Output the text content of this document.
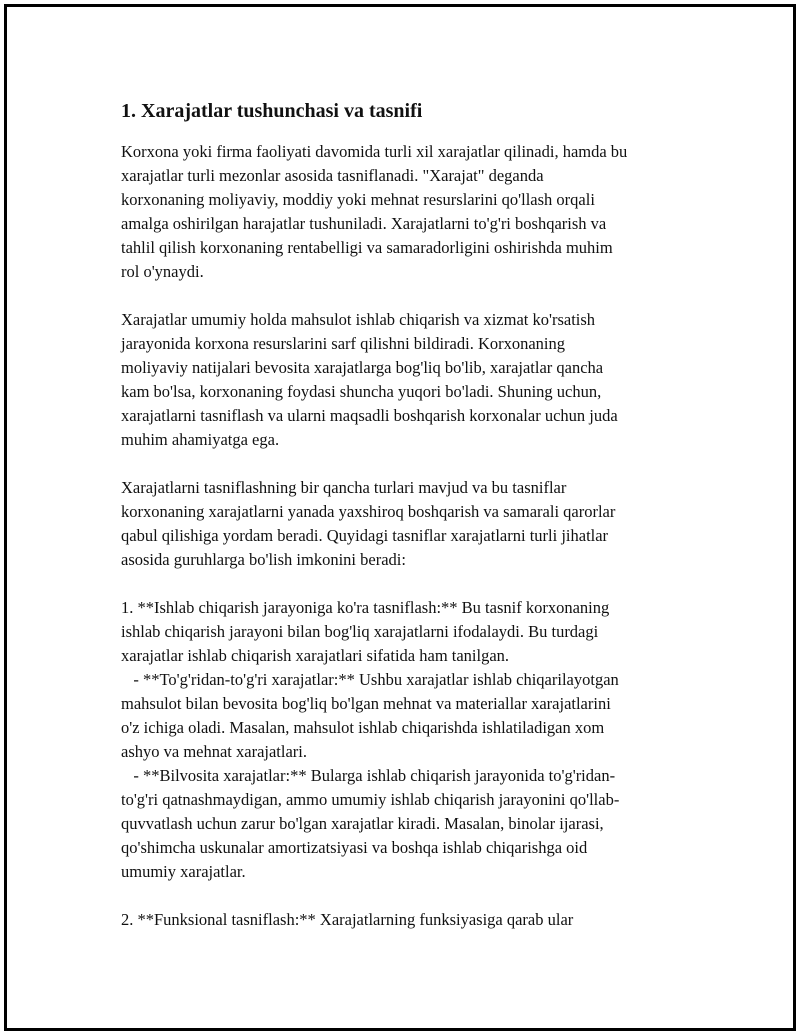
1. Xarajatlar tushunchasi va tasnifi

Korxona yoki firma faoliyati davomida turli xil xarajatlar qilinadi, hamda bu
xarajatlar turli mezonlar asosida tasniflanadi. "Xarajat" deganda
korxonaning moliyaviy, moddiy yoki mehnat resurslarini qo'llash orqali
amalga oshirilgan harajatlar tushuniladi. Xarajatlarni to'g'ri boshqarish va
tahlil qilish korxonaning rentabelligi va samaradorligini oshirishda muhim
rol o'ynaydi.

Xarajatlar umumiy holda mahsulot ishlab chiqarish va xizmat ko'rsatish
jarayonida korxona resurslarini sarf qilishni bildiradi. Korxonaning
moliyaviy natijalari bevosita xarajatlarga bog'liq bo'lib, xarajatlar qancha
kam bo'lsa, korxonaning foydasi shuncha yuqori bo'ladi. Shuning uchun,
xarajatlarni tasniflash va ularni maqsadli boshqarish korxonalar uchun juda
muhim ahamiyatga ega.

Xarajatlarni tasniflashning bir qancha turlari mavjud va bu tasniflar
korxonaning xarajatlarni yanada yaxshiroq boshqarish va samarali qarorlar
qabul qilishiga yordam beradi. Quyidagi tasniflar xarajatlarni turli jihatlar
asosida guruhlarga bo'lish imkonini beradi:

1. **Ishlab chiqarish jarayoniga ko'ra tasniflash:** Bu tasnif korxonaning
ishlab chiqarish jarayoni bilan bog'liq xarajatlarni ifodalaydi. Bu turdagi
xarajatlar ishlab chiqarish xarajatlari sifatida ham tanilgan.
- **To'g'ridan-to'g'ri xarajatlar:** Ushbu xarajatlar ishlab chiqarilayotgan
mahsulot bilan bevosita bog'liq bo'lgan mehnat va materiallar xarajatlarini
o'z ichiga oladi. Masalan, mahsulot ishlab chiqarishda ishlatiladigan xom
ashyo va mehnat xarajatlari.
- **Bilvosita xarajatlar:** Bularga ishlab chiqarish jarayonida to'g'ridan-
to'g'ri qatnashmaydigan, ammo umumiy ishlab chiqarish jarayonini qo'llab-
quvvatlash uchun zarur bo'lgan xarajatlar kiradi. Masalan, binolar ijarasi,
qo'shimcha uskunalar amortizatsiyasi va boshqa ishlab chiqarishga oid
umumiy xarajatlar.

2. **Funksional tasniflash:** Xarajatlarning funksiyasiga qarab ular
